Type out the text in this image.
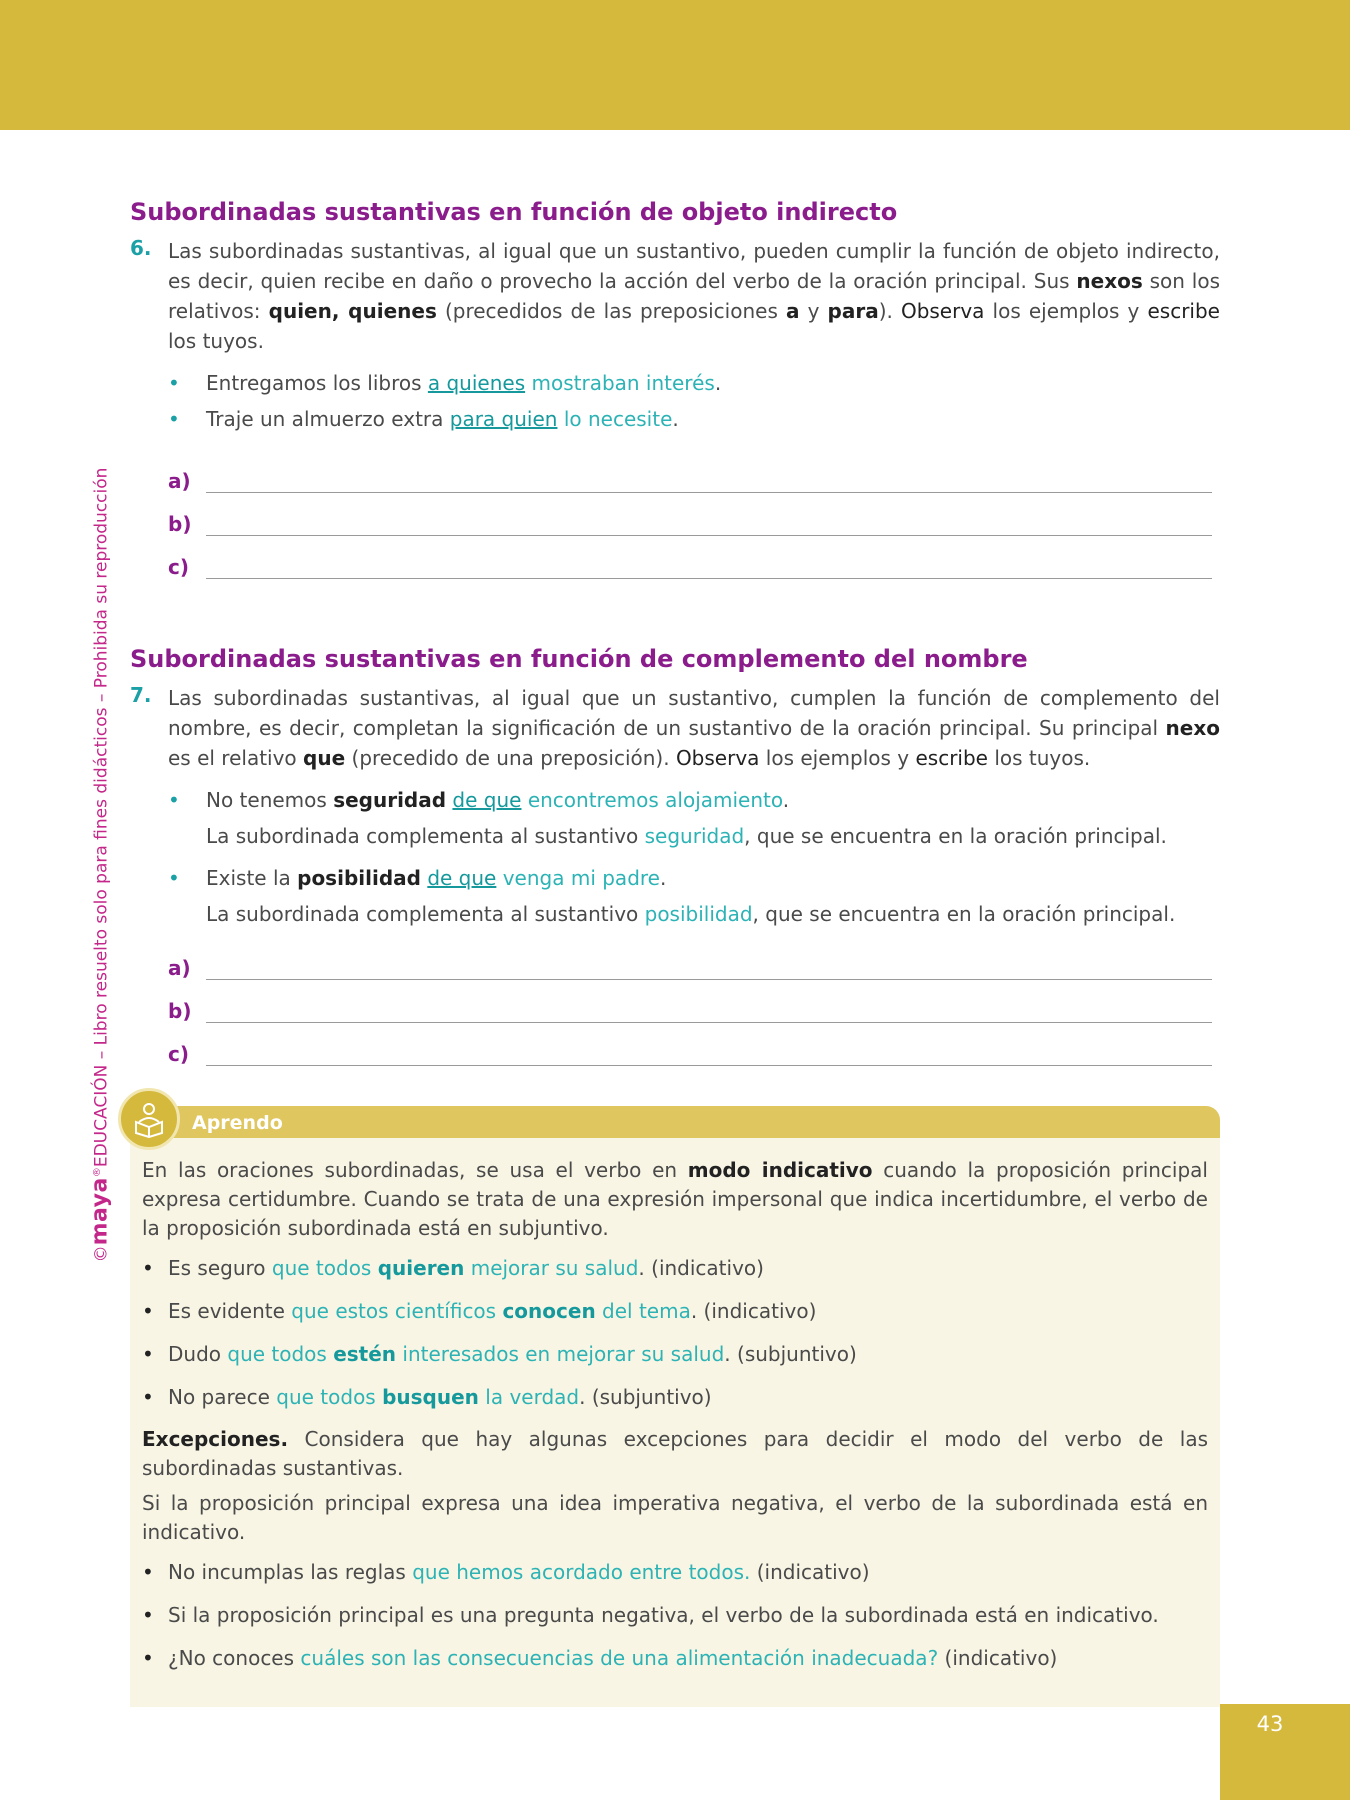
©maya®EDUCACIÓN – Libro resuelto solo para fines didácticos – Prohibida su reproducción
Subordinadas sustantivas en función de objeto indirecto
6. Las subordinadas sustantivas, al igual que un sustantivo, pueden cumplir la función de objeto indirecto, es decir, quien recibe en daño o provecho la acción del verbo de la oración principal. Sus nexos son los relativos: quien, quienes (precedidos de las preposiciones a y para). Observa los ejemplos y escribe los tuyos.

• Entregamos los libros a quienes mostraban interés.
• Traje un almuerzo extra para quien lo necesite.
a)
b)
c)
Subordinadas sustantivas en función de complemento del nombre
7. Las subordinadas sustantivas, al igual que un sustantivo, cumplen la función de complemento del nombre, es decir, completan la significación de un sustantivo de la oración principal. Su principal nexo es el relativo que (precedido de una preposición). Observa los ejemplos y escribe los tuyos.

• No tenemos seguridad de que encontremos alojamiento.
La subordinada complementa al sustantivo seguridad, que se encuentra en la oración principal.
• Existe la posibilidad de que venga mi padre.
La subordinada complementa al sustantivo posibilidad, que se encuentra en la oración principal.
a)
b)
c)
Aprendo

En las oraciones subordinadas, se usa el verbo en modo indicativo cuando la proposición principal expresa certidumbre. Cuando se trata de una expresión impersonal que indica incertidumbre, el verbo de la proposición subordinada está en subjuntivo.

• Es seguro que todos quieren mejorar su salud. (indicativo)
• Es evidente que estos científicos conocen del tema. (indicativo)
• Dudo que todos estén interesados en mejorar su salud. (subjuntivo)
• No parece que todos busquen la verdad. (subjuntivo)

Excepciones. Considera que hay algunas excepciones para decidir el modo del verbo de las subordinadas sustantivas.

Si la proposición principal expresa una idea imperativa negativa, el verbo de la subordinada está en indicativo.

• No incumplas las reglas que hemos acordado entre todos. (indicativo)
• Si la proposición principal es una pregunta negativa, el verbo de la subordinada está en indicativo.
• ¿No conoces cuáles son las consecuencias de una alimentación inadecuada? (indicativo)
43
